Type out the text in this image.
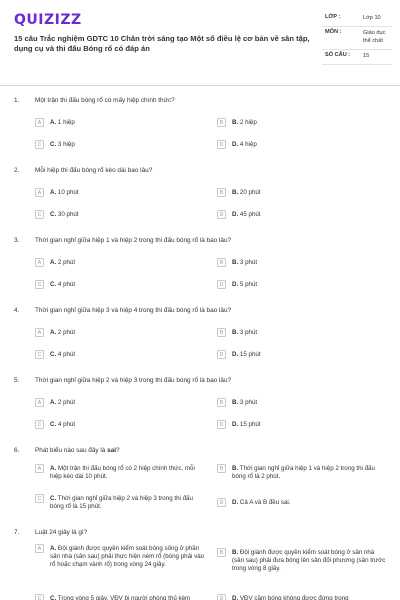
QUIZIZZ
15 câu Trắc nghiệm GDTC 10 Chân trời sáng tạo Một số điều lệ cơ bản về sân tập, dụng cụ và thi đấu Bóng rổ có đáp án
LỚP :	Lớp 10
MÔN :	Giáo dục thể chất
SỐ CÂU :	15
1. Một trận thi đấu bóng rổ có mấy hiệp chính thức?
A	A. 1 hiệp	B	B. 2 hiệp
C	C. 3 hiệp	D	D. 4 hiệp
2. Mỗi hiệp thi đấu bóng rổ kéo dài bao lâu?
A	A. 10 phút	B	B. 20 phút
C	C. 30 phút	D	D. 45 phút
3. Thời gian nghỉ giữa hiệp 1 và hiệp 2 trong thi đấu bóng rổ là bao lâu?
A	A. 2 phút	B	B. 3 phút
C	C. 4 phút	D	D. 5 phút
4. Thời gian nghỉ giữa hiệp 3 và hiệp 4 trong thi đấu bóng rổ là bao lâu?
A	A. 2 phút	B	B. 3 phút
C	C. 4 phút	D	D. 15 phút
5. Thời gian nghỉ giữa hiệp 2 và hiệp 3 trong thi đấu bóng rổ là bao lâu?
A	A. 2 phút	B	B. 3 phút
C	C. 4 phút	D	D. 15 phút
6. Phát biểu nào sau đây là sai?
A	A. Một trận thi đấu bóng rổ có 2 hiệp chính thức, mỗi hiệp kéo dài 10 phút.
B	B. Thời gian nghỉ giữa hiệp 1 và hiệp 2 trong thi đấu bóng rổ là 2 phút.
C	C. Thời gian nghỉ giữa hiệp 2 và hiệp 3 trong thi đấu bóng rổ là 15 phút.
D	D. Cả A và B đều sai.
7. Luật 24 giây là gì?
A	A. Đội giành được quyền kiểm soát bóng sống ở phần sân nhà (sân sau) phải thực hiện ném rổ (bóng phải vào rổ hoặc chạm vành rổ) trong vòng 24 giây.
B	B. Đội giành được quyền kiểm soát bóng ở sân nhà (sân sau) phải đưa bóng lên sân đối phương (sân trước trong vòng 8 giây.
C	C. Trong vòng 5 giây, VĐV bị người phòng thủ kèm	D	D. VĐV cầm bóng không được đứng trong
